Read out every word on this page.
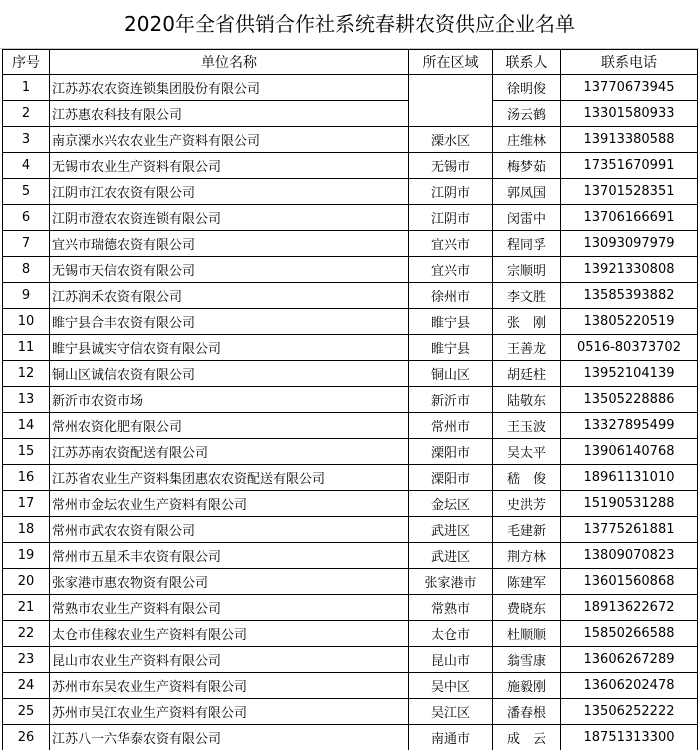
2020年全省供销合作社系统春耕农资供应企业名单
序号	单位名称	所在区域	联系人	联系电话
1	江苏苏农农资连锁集团股份有限公司		徐明俊	13770673945
2	江苏惠农科技有限公司		汤云鹤	13301580933
3	南京溧水兴农农业生产资料有限公司	溧水区	庄维林	13913380588
4	无锡市农业生产资料有限公司	无锡市	梅梦茹	17351670991
5	江阴市江农农资有限公司	江阴市	郭凤国	13701528351
6	江阴市澄农农资连锁有限公司	江阴市	闵雷中	13706166691
7	宜兴市瑞德农资有限公司	宜兴市	程同孚	13093097979
8	无锡市天信农资有限公司	宜兴市	宗顺明	13921330808
9	江苏润禾农资有限公司	徐州市	李文胜	13585393882
10	睢宁县合丰农资有限公司	睢宁县	张　刚	13805220519
11	睢宁县诚实守信农资有限公司	睢宁县	王善龙	0516-80373702
12	铜山区诚信农资有限公司	铜山区	胡廷柱	13952104139
13	新沂市农资市场	新沂市	陆敬东	13505228886
14	常州农资化肥有限公司	常州市	王玉波	13327895499
15	江苏苏南农资配送有限公司	溧阳市	吴太平	13906140768
16	江苏省农业生产资料集团惠农农资配送有限公司	溧阳市	嵇　俊	18961131010
17	常州市金坛农业生产资料有限公司	金坛区	史洪芳	15190531288
18	常州市武农农资有限公司	武进区	毛建新	13775261881
19	常州市五星禾丰农资有限公司	武进区	荆方林	13809070823
20	张家港市惠农物资有限公司	张家港市	陈建军	13601560868
21	常熟市农业生产资料有限公司	常熟市	费晓东	18913622672
22	太仓市佳稼农业生产资料有限公司	太仓市	杜顺顺	15850266588
23	昆山市农业生产资料有限公司	昆山市	翁雪康	13606267289
24	苏州市东吴农业生产资料有限公司	吴中区	施毅刚	13606202478
25	苏州市吴江农业生产资料有限公司	吴江区	潘春根	13506252222
26	江苏八一六华泰农资有限公司	南通市	成　云	18751313300
